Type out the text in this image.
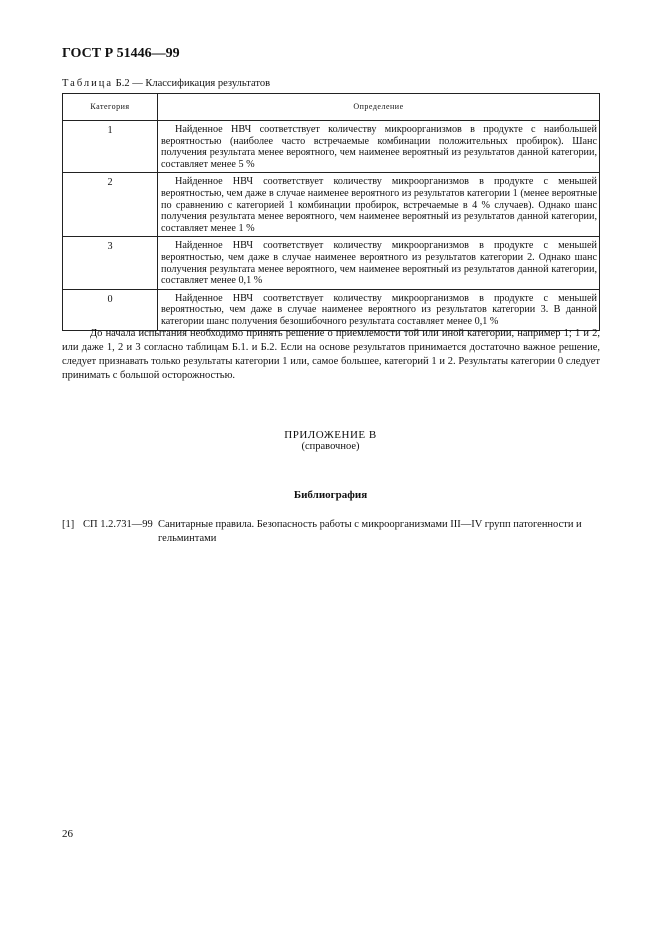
ГОСТ Р 51446—99
Таблица Б.2 — Классификация результатов
Категория	Определение
1	Найденное НВЧ соответствует количеству микроорганизмов в продукте с наибольшей вероятностью (наиболее часто встречаемые комбинации положительных пробирок). Шанс получения результата менее вероятного, чем наименее вероятный из результатов данной категории, составляет менее 5 %

2	Найденное НВЧ соответствует количеству микроорганизмов в продукте с меньшей вероятностью, чем даже в случае наименее вероятного из результатов категории 1 (менее вероятные по сравнению с категорией 1 комбинации пробирок, встречаемые в 4 % случаев). Однако шанс получения результата менее вероятного, чем наименее вероятный из результатов данной категории, составляет менее 1 %

3	Найденное НВЧ соответствует количеству микроорганизмов в продукте с меньшей вероятностью, чем даже в случае наименее вероятного из результатов категории 2. Однако шанс получения результата менее вероятного, чем наименее вероятный из результатов данной категории, составляет менее 0,1 %

0	Найденное НВЧ соответствует количеству микроорганизмов в продукте с меньшей вероятностью, чем даже в случае наименее вероятного из результатов категории 3. В данной категории шанс получения безошибочного результата составляет менее 0,1 %

До начала испытания необходимо принять решение о приемлемости той или иной категории, например 1; 1 и 2, или даже 1, 2 и 3 согласно таблицам Б.1. и Б.2. Если на основе результатов принимается достаточно важное решение, следует признавать только результаты категории 1 или, самое большее, категорий 1 и 2. Результаты категории 0 следует принимать с большой осторожностью.

ПРИЛОЖЕНИЕ В
(справочное)
Библиография
[1] СП 1.2.731—99 Санитарные правила. Безопасность работы с микроорганизмами III—IV групп патогенности и гельминтами
26
